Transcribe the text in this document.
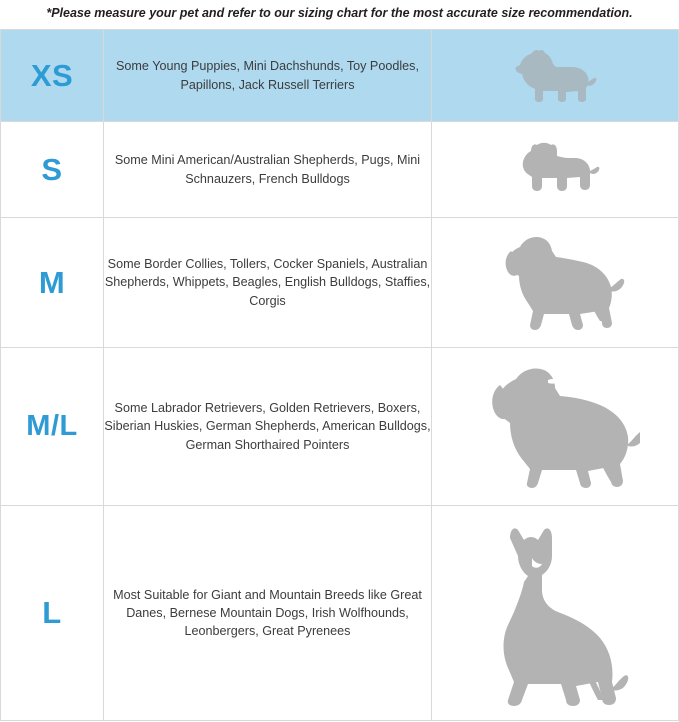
*Please measure your pet and refer to our sizing chart for the most accurate size recommendation.
XS	Some Young Puppies, Mini Dachshunds, Toy Poodles, Papillons, Jack Russell Terriers	

S	Some Mini American/Australian Shepherds, Pugs, Mini Schnauzers, French Bulldogs	

M	Some Border Collies, Tollers, Cocker Spaniels, Australian Shepherds, Whippets, Beagles, English Bulldogs, Staffies, Corgis	

M/L	Some Labrador Retrievers, Golden Retrievers, Boxers, Siberian Huskies, German Shepherds, American Bulldogs, German Shorthaired Pointers	

L	Most Suitable for Giant and Mountain Breeds like Great Danes, Bernese Mountain Dogs, Irish Wolfhounds, Leonbergers, Great Pyrenees	
